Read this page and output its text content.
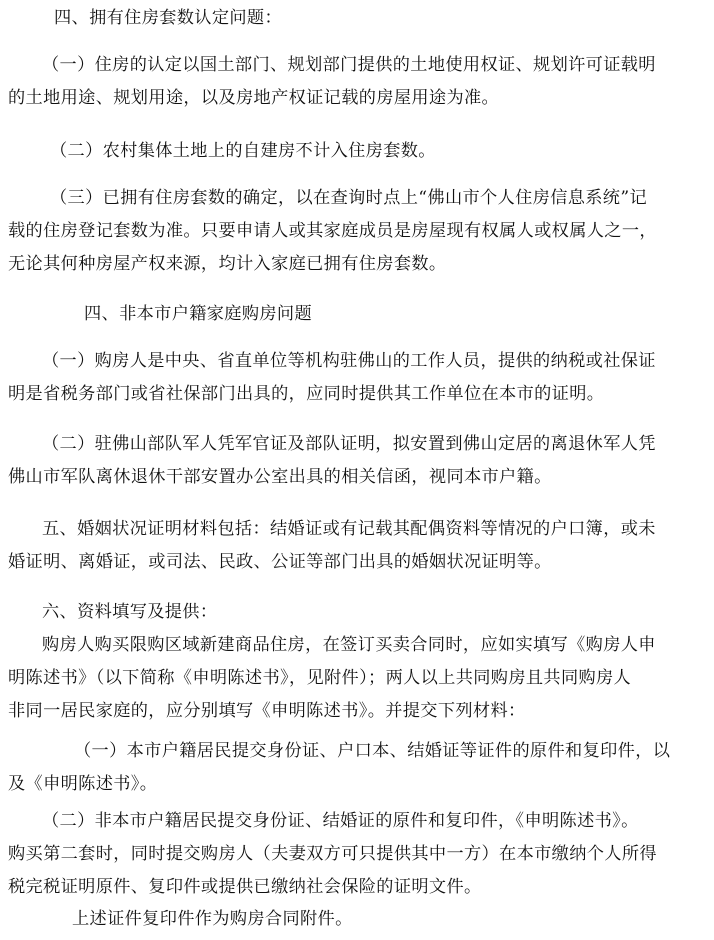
四、拥有住房套数认定问题：

（一）住房的认定以国土部门、规划部门提供的土地使用权证、规划许可证载明
的土地用途、规划用途，以及房地产权证记载的房屋用途为准。

（二）农村集体土地上的自建房不计入住房套数。

（三）已拥有住房套数的确定，以在查询时点上“佛山市个人住房信息系统”记
载的住房登记套数为准。只要申请人或其家庭成员是房屋现有权属人或权属人之一，
无论其何种房屋产权来源，均计入家庭已拥有住房套数。

四、非本市户籍家庭购房问题

（一）购房人是中央、省直单位等机构驻佛山的工作人员，提供的纳税或社保证
明是省税务部门或省社保部门出具的，应同时提供其工作单位在本市的证明。

（二）驻佛山部队军人凭军官证及部队证明，拟安置到佛山定居的离退休军人凭
佛山市军队离休退休干部安置办公室出具的相关信函，视同本市户籍。

五、婚姻状况证明材料包括：结婚证或有记载其配偶资料等情况的户口簿，或未
婚证明、离婚证，或司法、民政、公证等部门出具的婚姻状况证明等。

六、资料填写及提供：

购房人购买限购区域新建商品住房，在签订买卖合同时，应如实填写《购房人申
明陈述书》（以下简称《申明陈述书》，见附件）；两人以上共同购房且共同购房人
非同一居民家庭的，应分别填写《申明陈述书》。并提交下列材料：

（一）本市户籍居民提交身份证、户口本、结婚证等证件的原件和复印件，以
及《申明陈述书》。

（二）非本市户籍居民提交身份证、结婚证的原件和复印件，《申明陈述书》。
购买第二套时，同时提交购房人（夫妻双方可只提供其中一方）在本市缴纳个人所得
税完税证明原件、复印件或提供已缴纳社会保险的证明文件。

上述证件复印件作为购房合同附件。
